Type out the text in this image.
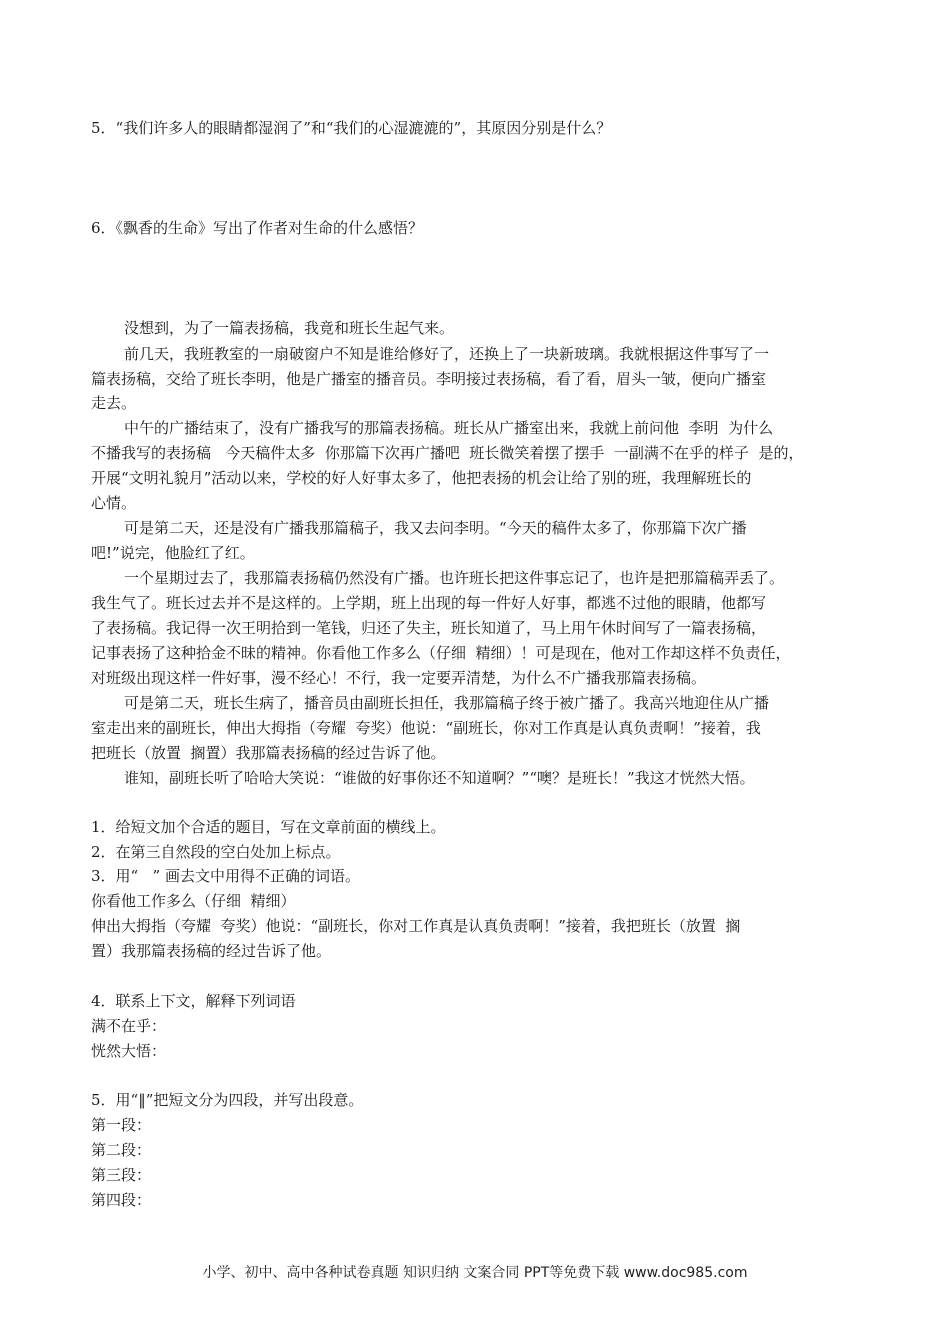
5．“我们许多人的眼睛都湿润了”和“我们的心湿漉漉的”，其原因分别是什么？
6．《飘香的生命》写出了作者对生命的什么感悟？
没想到，为了一篇表扬稿，我竟和班长生起气来。
前几天，我班教室的一扇破窗户不知是谁给修好了，还换上了一块新玻璃。我就根据这件事写了一
篇表扬稿，交给了班长李明，他是广播室的播音员。李明接过表扬稿，看了看，眉头一皱，便向广播室
走去。
中午的广播结束了，没有广播我写的那篇表扬稿。班长从广播室出来，我就上前问他  李明  为什么
不播我写的表扬稿   今天稿件太多  你那篇下次再广播吧  班长微笑着摆了摆手  一副满不在乎的样子  是的，
开展“文明礼貌月”活动以来，学校的好人好事太多了，他把表扬的机会让给了别的班，我理解班长的
心情。
可是第二天，还是没有广播我那篇稿子，我又去问李明。“今天的稿件太多了，你那篇下次广播
吧!”说完，他脸红了红。
一个星期过去了，我那篇表扬稿仍然没有广播。也许班长把这件事忘记了，也许是把那篇稿弄丢了。
我生气了。班长过去并不是这样的。上学期，班上出现的每一件好人好事，都逃不过他的眼睛，他都写
了表扬稿。我记得一次王明拾到一笔钱，归还了失主，班长知道了，马上用午休时间写了一篇表扬稿，
记事表扬了这种拾金不昧的精神。你看他工作多么（仔细  精细）！可是现在，他对工作却这样不负责任，
对班级出现这样一件好事，漫不经心！不行，我一定要弄清楚，为什么不广播我那篇表扬稿。
可是第二天，班长生病了，播音员由副班长担任，我那篇稿子终于被广播了。我高兴地迎住从广播
室走出来的副班长，伸出大拇指（夸耀  夸奖）他说：“副班长，你对工作真是认真负责啊！”接着，我
把班长（放置  搁置）我那篇表扬稿的经过告诉了他。
谁知，副班长听了哈哈大笑说：“谁做的好事你还不知道啊？”“噢？是班长！”我这才恍然大悟。
1．给短文加个合适的题目，写在文章前面的横线上。
2．在第三自然段的空白处加上标点。
3．用“   ” 画去文中用得不正确的词语。
你看他工作多么（仔细  精细）
伸出大拇指（夸耀  夸奖）他说：“副班长，你对工作真是认真负责啊！”接着，我把班长（放置  搁
置）我那篇表扬稿的经过告诉了他。
4．联系上下文，解释下列词语
满不在乎：
恍然大悟：
5．用“‖”把短文分为四段，并写出段意。
第一段：
第二段：
第三段：
第四段：
小学、初中、高中各种试卷真题 知识归纳 文案合同 PPT等免费下载 www.doc985.com
